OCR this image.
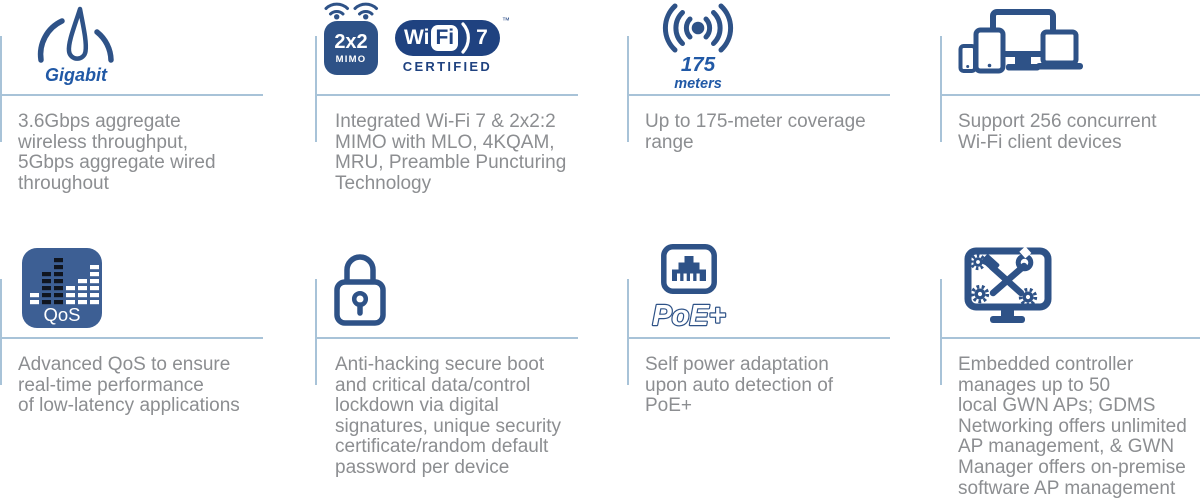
Gigabit

3.6Gbps aggregate
wireless throughput,
5Gbps aggregate wired
throughout

2x2
MIMO
Wi Fi 7
™
CERTIFIED

Integrated Wi-Fi 7 & 2x2:2
MIMO with MLO, 4KQAM,
MRU, Preamble Puncturing
Technology

175
meters

Up to 175-meter coverage
range

Support 256 concurrent
Wi-Fi client devices

QoS

Advanced QoS to ensure
real-time performance
of low-latency applications

Anti-hacking secure boot
and critical data/control
lockdown via digital
signatures, unique security
certificate/random default
password per device

PoE+

Self power adaptation
upon auto detection of
PoE+

Embedded controller
manages up to 50
local GWN APs; GDMS
Networking offers unlimited
AP management, & GWN
Manager offers on-premise
software AP management
